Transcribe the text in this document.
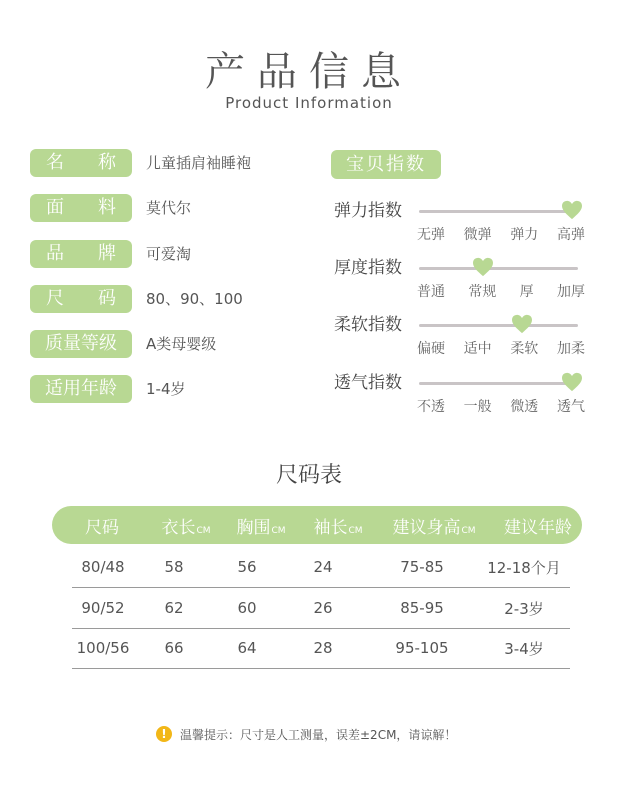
产品信息
Product Information
名 称 儿童插肩袖睡袍
面 料 莫代尔
品 牌 可爱淘
尺 码 80、90、100
质量等级	A类母婴级
适用年龄	1-4岁
宝贝指数
弹力指数
无弹 微弹 弹力 高弹
厚度指数
普通 常规 厚 加厚
柔软指数
偏硬 适中 柔软 加柔
透气指数
不透 一般 微透 透气
尺码表
尺码	衣长CM	胸围CM	袖长CM	建议身高CM	建议年龄
80/48	58	56	24	75-85	12-18个月
90/52	62	60	26	85-95	2-3岁
100/56	66	64	28	95-105	3-4岁
!	温馨提示：尺寸是人工测量，误差±2CM，请谅解！
